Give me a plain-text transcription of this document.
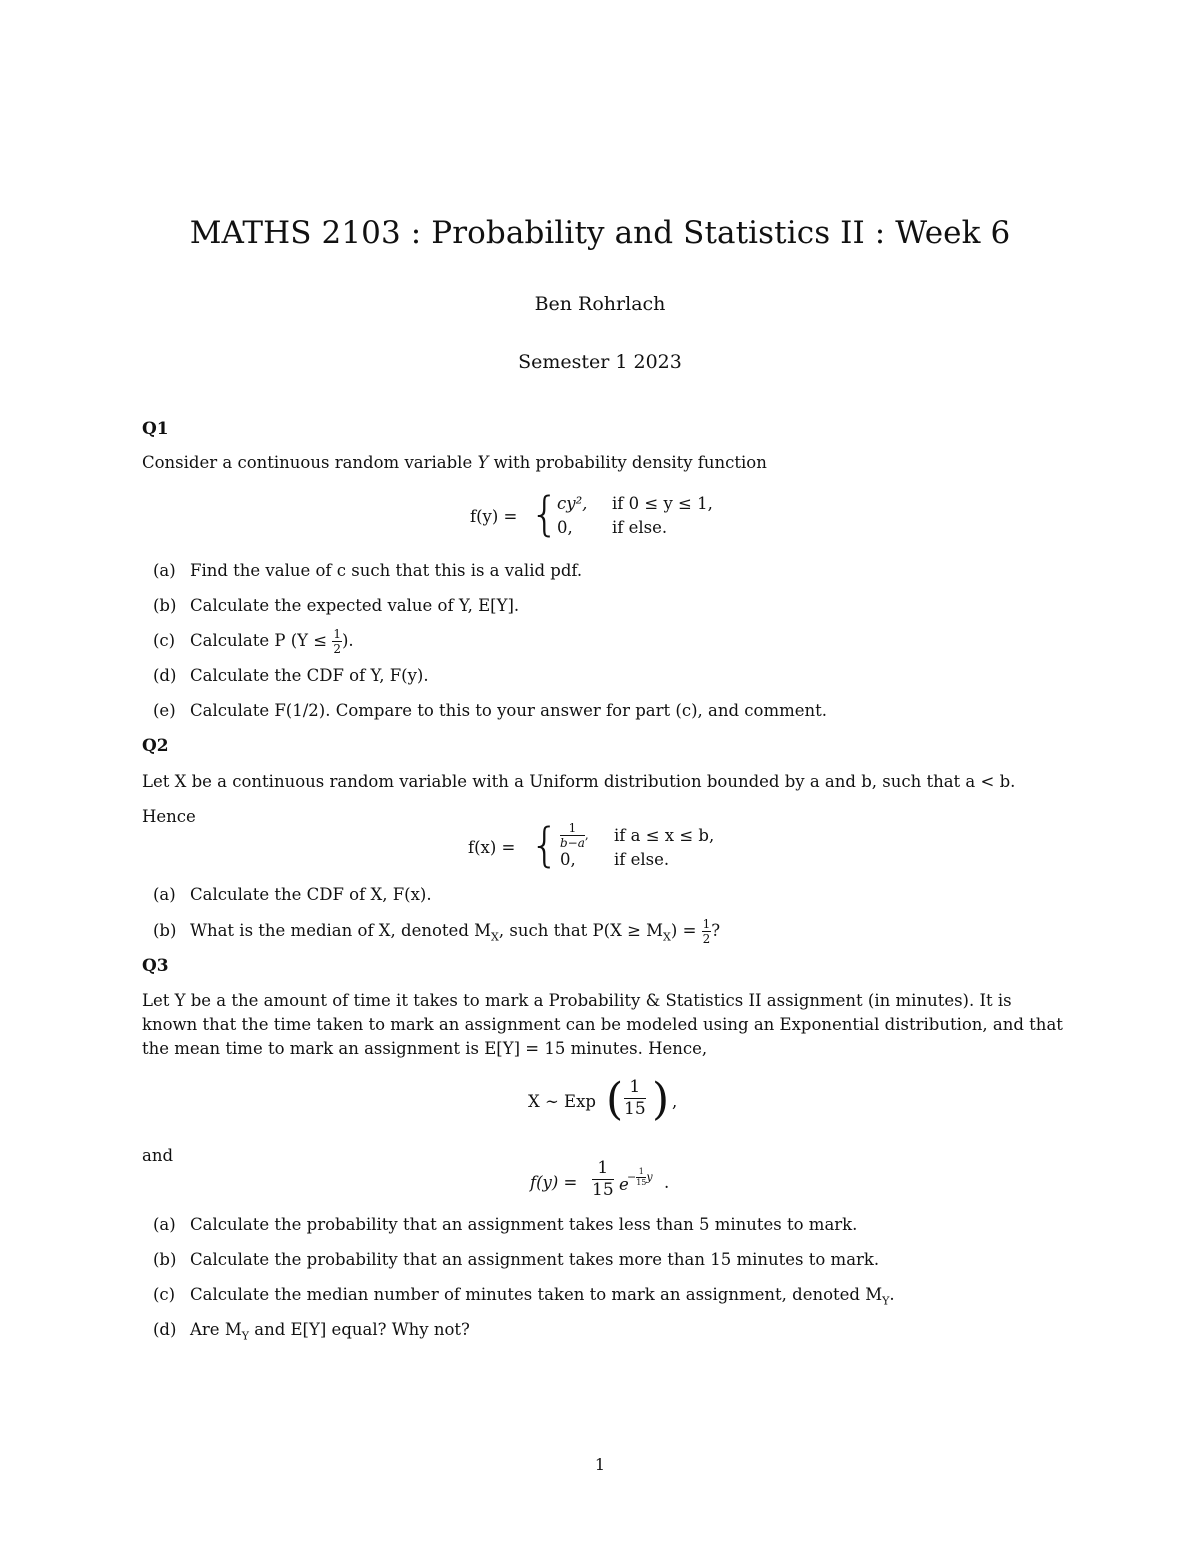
MATHS 2103 : Probability and Statistics II : Week 6
Ben Rohrlach
Semester 1 2023
Q1
Consider a continuous random variable Y with probability density function
f(y) = {
cy², if 0 ≤ y ≤ 1,
0, if else.
(a) Find the value of c such that this is a valid pdf.
(b) Calculate the expected value of Y, E[Y].
(c) Calculate P ($Y \le \frac{1}{2}$ ).
(d) Calculate the CDF of Y, F(y).
(e) Calculate F(1/2). Compare to this to your answer for part (c), and comment.
Q2
Let X be a continuous random variable with a Uniform distribution bounded by a and b, such that a < b.
Hence
f(x) = { $\frac{1}{b-a}$ , if a ≤ x ≤ b,
0, if else.
(a) Calculate the CDF of X, F(x).
(b) What is the median of X, denoted $M_X$, such that $P(X \ge M_X) = \frac{1}{2}$ ?
Q3
Let Y be a the amount of time it takes to mark a Probability & Statistics II assignment (in minutes). It is known that the time taken to mark an assignment can be modeled using an Exponential distribution, and that the mean time to mark an assignment is E[Y] = 15 minutes. Hence,
X ∼ Exp ( $\frac{1}{15}$ ) ,
and
$f(y) = \frac{1}{15}$ e
− $\frac{1}{15}$ y .
(a) Calculate the probability that an assignment takes less than 5 minutes to mark.
(b) Calculate the probability that an assignment takes more than 15 minutes to mark.
(c) Calculate the median number of minutes taken to mark an assignment, denoted $M_Y$.
(d) Are $M_Y$ and E[Y] equal? Why not?
1
